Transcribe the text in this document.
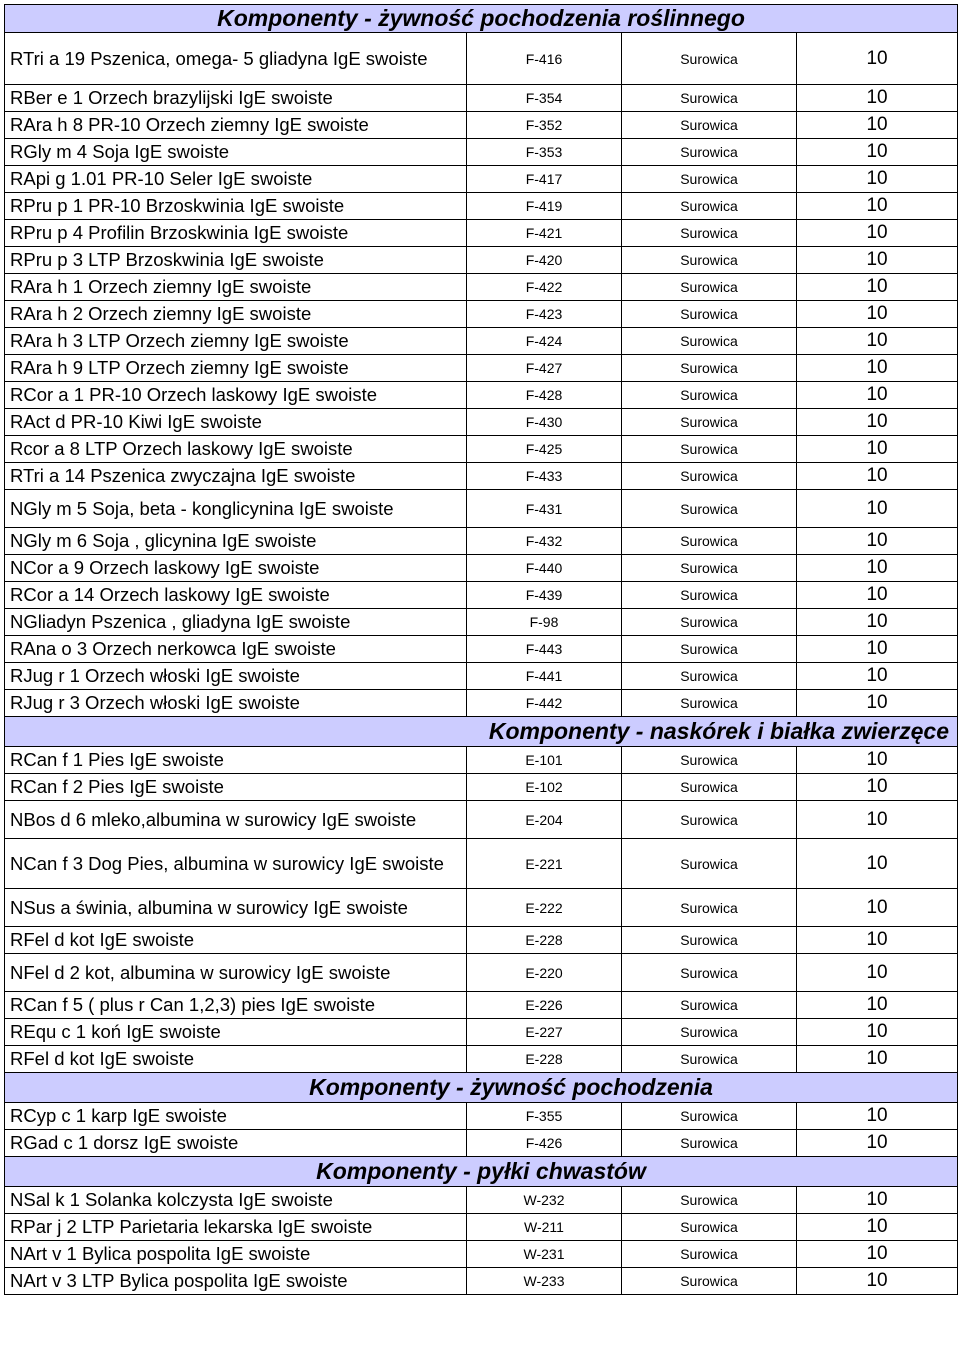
Komponenty - żywność pochodzenia roślinnego			
RTri a 19 Pszenica, omega- 5 gliadyna IgE swoiste	F-416	Surowica	10
RBer e 1 Orzech brazylijski IgE swoiste	F-354	Surowica	10
RAra h 8 PR-10 Orzech ziemny IgE swoiste	F-352	Surowica	10
RGly m 4 Soja IgE swoiste	F-353	Surowica	10
RApi g 1.01 PR-10 Seler IgE swoiste	F-417	Surowica	10
RPru p 1 PR-10 Brzoskwinia IgE swoiste	F-419	Surowica	10
RPru p 4 Profilin Brzoskwinia IgE swoiste	F-421	Surowica	10
RPru p 3 LTP Brzoskwinia IgE swoiste	F-420	Surowica	10
RAra h 1 Orzech ziemny IgE swoiste	F-422	Surowica	10
RAra h 2 Orzech ziemny IgE swoiste	F-423	Surowica	10
RAra h 3 LTP Orzech ziemny IgE swoiste	F-424	Surowica	10
RAra h 9 LTP Orzech ziemny IgE swoiste	F-427	Surowica	10
RCor a 1 PR-10 Orzech laskowy IgE swoiste	F-428	Surowica	10
RAct d PR-10 Kiwi IgE swoiste	F-430	Surowica	10
Rcor a 8 LTP Orzech laskowy IgE swoiste	F-425	Surowica	10
RTri a 14 Pszenica zwyczajna IgE swoiste	F-433	Surowica	10
NGly m 5 Soja, beta - konglicynina IgE swoiste	F-431	Surowica	10
NGly m 6 Soja , glicynina IgE swoiste	F-432	Surowica	10
NCor a 9 Orzech laskowy IgE swoiste	F-440	Surowica	10
RCor a 14 Orzech laskowy IgE swoiste	F-439	Surowica	10
NGliadyn Pszenica , gliadyna IgE swoiste	F-98	Surowica	10
RAna o 3 Orzech nerkowca IgE swoiste	F-443	Surowica	10
RJug r 1 Orzech włoski IgE swoiste	F-441	Surowica	10
RJug r 3 Orzech włoski IgE swoiste	F-442	Surowica	10
Komponenty - naskórek i białka zwierzęce			
RCan f 1 Pies IgE swoiste	E-101	Surowica	10
RCan f 2 Pies IgE swoiste	E-102	Surowica	10
NBos d 6 mleko,albumina w surowicy IgE swoiste	E-204	Surowica	10
NCan f 3 Dog Pies, albumina w surowicy IgE swoiste	E-221	Surowica	10
NSus a świnia, albumina w surowicy IgE swoiste	E-222	Surowica	10
RFel d kot IgE swoiste	E-228	Surowica	10
NFel d 2 kot, albumina w surowicy IgE swoiste	E-220	Surowica	10
RCan f 5 ( plus r Can 1,2,3) pies IgE swoiste	E-226	Surowica	10
REqu c 1 koń IgE swoiste	E-227	Surowica	10
RFel d kot IgE swoiste	E-228	Surowica	10
Komponenty - żywność pochodzenia			
RCyp c 1 karp IgE swoiste	F-355	Surowica	10
RGad c 1 dorsz IgE swoiste	F-426	Surowica	10
Komponenty - pyłki chwastów			
NSal k 1 Solanka kolczysta IgE swoiste	W-232	Surowica	10
RPar j 2 LTP Parietaria lekarska IgE swoiste	W-211	Surowica	10
NArt v 1 Bylica pospolita IgE swoiste	W-231	Surowica	10
NArt v 3 LTP Bylica pospolita IgE swoiste	W-233	Surowica	10
